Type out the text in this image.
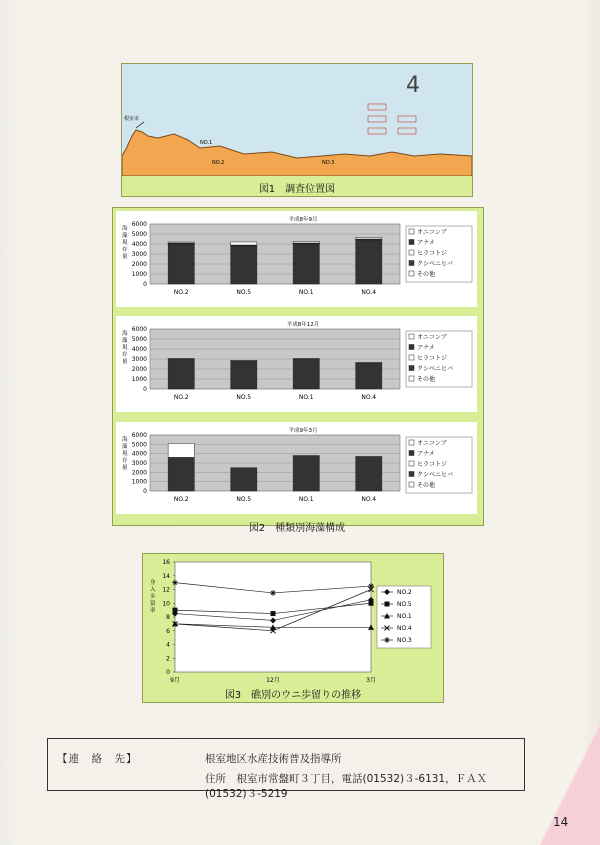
根室市
NO.1
NO.2	NO.3
4
図1　調査位置図
平成8年9月
0
1000
2000
3000
4000
5000
6000
海
藻
現
存
量
NO.2	NO.5	NO.1	NO.4
オニコンブ
アナメ
ヒラコトジ
クシベニヒバ
その他
平成8年12月
0
1000
2000
3000
4000
5000
6000
海
藻
現
存
量
NO.2	NO.5	NO.1	NO.4
オニコンブ
アナメ
ヒラコトジ
クシベニヒバ
その他
平成9年3月
0
1000
2000
3000
4000
5000
6000
海
藻
現
存
量
NO.2	NO.5	NO.1	NO.4
オニコンブ
アナメ
ヒラコトジ
クシベニヒバ
その他
図2　種類別海藻構成
0
2
4
6
8
10
12
14
16
9月	12月	3月
身
入
歩
留
率
NO.2
NO.5
NO.1
NO.4
NO.3
図3　礁別のウニ歩留りの推移
【連　絡　先】	根室地区水産技術普及指導所
住所　根室市常盤町３丁目，電話(01532)３-6131，ＦＡＸ(01532)３-5219
14
